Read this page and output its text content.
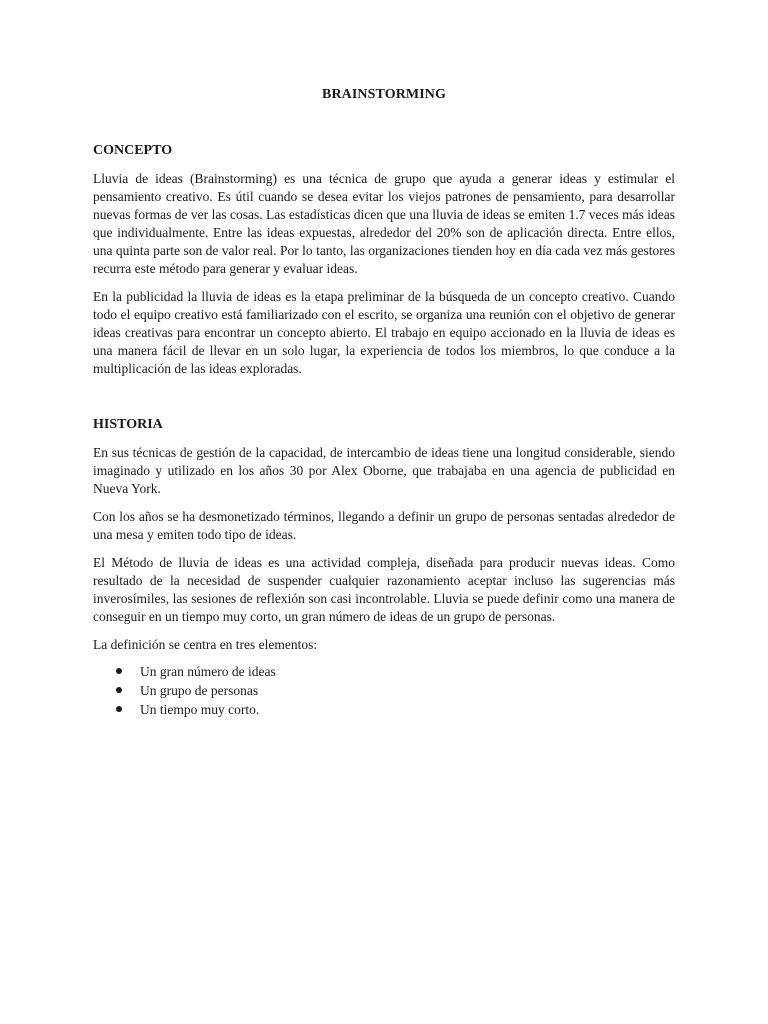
BRAINSTORMING
CONCEPTO

Lluvia de ideas (Brainstorming) es una técnica de grupo que ayuda a generar ideas y estimular el pensamiento creativo. Es útil cuando se desea evitar los viejos patrones de pensamiento, para desarrollar nuevas formas de ver las cosas. Las estadísticas dicen que una lluvia de ideas se emiten 1.7 veces más ideas que individualmente. Entre las ideas expuestas, alrededor del 20% son de aplicación directa. Entre ellos, una quinta parte son de valor real. Por lo tanto, las organizaciones tienden hoy en día cada vez más gestores recurra este método para generar y evaluar ideas.

En la publicidad la lluvia de ideas es la etapa preliminar de la búsqueda de un concepto creativo. Cuando todo el equipo creativo está familiarizado con el escrito, se organiza una reunión con el objetivo de generar ideas creativas para encontrar un concepto abierto. El trabajo en equipo accionado en la lluvia de ideas es una manera fácil de llevar en un solo lugar, la experiencia de todos los miembros, lo que conduce a la multiplicación de las ideas exploradas.

HISTORIA

En sus técnicas de gestión de la capacidad, de intercambio de ideas tiene una longitud considerable, siendo imaginado y utilizado en los años 30 por Alex Oborne, que trabajaba en una agencia de publicidad en Nueva York.

Con los años se ha desmonetizado términos, llegando a definir un grupo de personas sentadas alrededor de una mesa y emiten todo tipo de ideas.

El Método de lluvia de ideas es una actividad compleja, diseñada para producir nuevas ideas. Como resultado de la necesidad de suspender cualquier razonamiento aceptar incluso las sugerencias más inverosímiles, las sesiones de reflexión son casi incontrolable. Lluvia se puede definir como una manera de conseguir en un tiempo muy corto, un gran número de ideas de un grupo de personas.

La definición se centra en tres elementos:

Un gran número de ideas
Un grupo de personas
Un tiempo muy corto.
